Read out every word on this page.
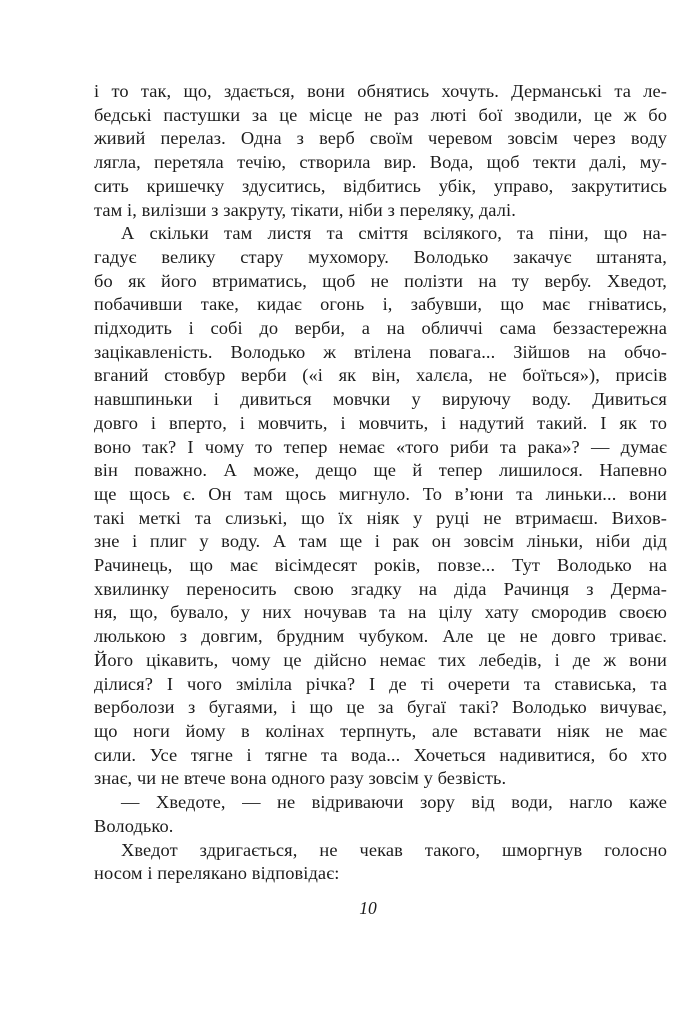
і то так, що, здається, вони обнятись хочуть. Дерманські та ле-
бедські пастушки за це місце не раз люті бої зводили, це ж бо
живий перелаз. Одна з верб своїм черевом зовсім через воду
лягла, перетяла течію, створила вир. Вода, щоб текти далі, му-
сить кришечку здуситись, відбитись убік, управо, закрутитись
там і, вилізши з закруту, тікати, ніби з переляку, далі.
А скільки там листя та сміття всілякого, та піни, що на-
гадує велику стару мухомору. Володько закачує штанята,
бо як його втриматись, щоб не полізти на ту вербу. Хведот,
побачивши таке, кидає огонь і, забувши, що має гніватись,
підходить і собі до верби, а на обличчі сама беззастережна
зацікавленість. Володько ж втілена повага... Зійшов на обчо-
вганий стовбур верби («і як він, халєла, не боїться»), присів
навшпиньки і дивиться мовчки у вируючу воду. Дивиться
довго і вперто, і мовчить, і мовчить, і надутий такий. І як то
воно так? І чому то тепер немає «того риби та рака»? — думає
він поважно. А може, дещо ще й тепер лишилося. Напевно
ще щось є. Он там щось мигнуло. То в’юни та линьки... вони
такі меткі та слизькі, що їх ніяк у руці не втримаєш. Вихов-
зне і плиг у воду. А там ще і рак он зовсім ліньки, ніби дід
Рачинець, що має вісімдесят років, повзе... Тут Володько на
хвилинку переносить свою згадку на діда Рачинця з Дерма-
ня, що, бувало, у них ночував та на цілу хату смородив своєю
люлькою з довгим, брудним чубуком. Але це не довго триває.
Його цікавить, чому це дійсно немає тих лебедів, і де ж вони
ділися? І чого зміліла річка? І де ті очерети та стависька, та
верболози з бугаями, і що це за бугаї такі? Володько вичуває,
що ноги йому в колінах терпнуть, але вставати ніяк не має
сили. Усе тягне і тягне та вода... Хочеться надивитися, бо хто
знає, чи не втече вона одного разу зовсім у безвість.
— Хведоте, — не відриваючи зору від води, нагло каже
Володько.
Хведот здригається, не чекав такого, шморгнув голосно
носом і перелякано відповідає:
10
